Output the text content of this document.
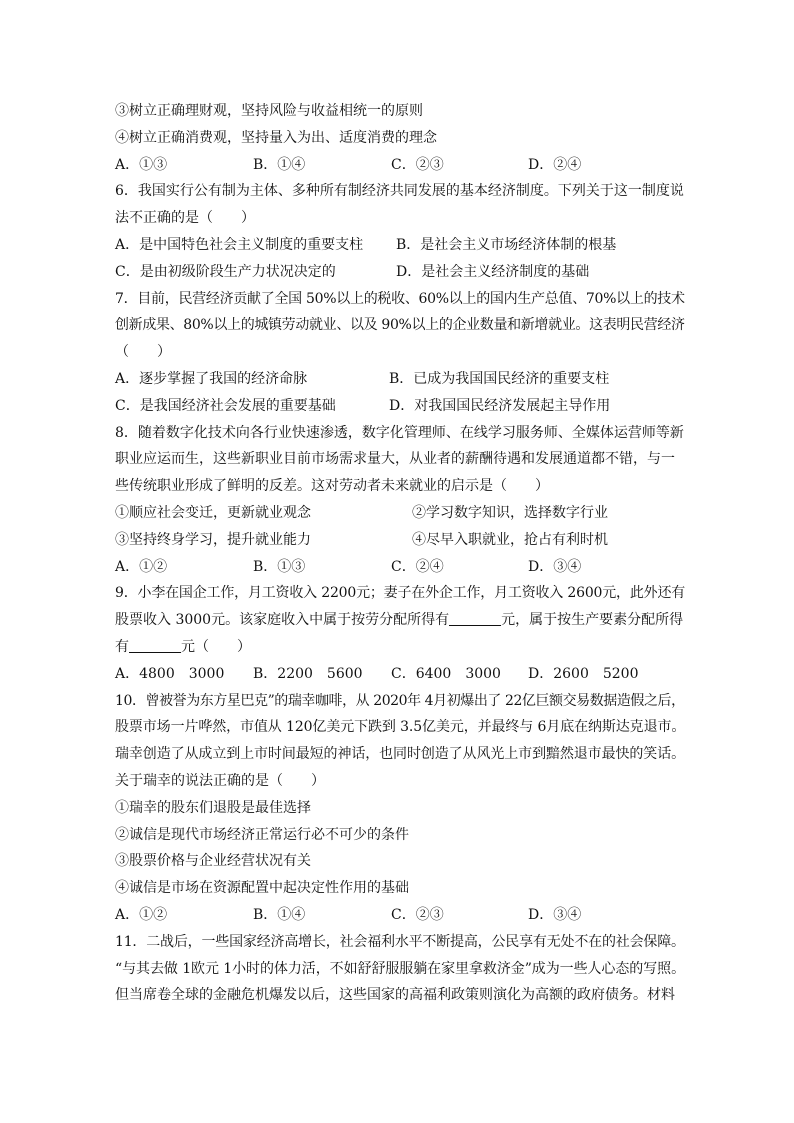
③树立正确理财观，坚持风险与收益相统一的原则
④树立正确消费观，坚持量入为出、适度消费的理念
A．①③	B．①④	C．②③	D．②④
6．我国实行公有制为主体、多种所有制经济共同发展的基本经济制度。下列关于这一制度说
法不正确的是（　　）
A．是中国特色社会主义制度的重要支柱 B．是社会主义市场经济体制的根基
C．是由初级阶段生产力状况决定的	D．是社会主义经济制度的基础
7．目前，民营经济贡献了全国 50%以上的税收、60%以上的国内生产总值、70%以上的技术
创新成果、80%以上的城镇劳动就业、以及 90%以上的企业数量和新增就业。这表明民营经济
（　　）
A．逐步掌握了我国的经济命脉	B．已成为我国国民经济的重要支柱
C．是我国经济社会发展的重要基础	D．对我国国民经济发展起主导作用
8．随着数字化技术向各行业快速渗透，数字化管理师、在线学习服务师、全媒体运营师等新
职业应运而生，这些新职业目前市场需求量大，从业者的薪酬待遇和发展通道都不错，与一
些传统职业形成了鲜明的反差。这对劳动者未来就业的启示是（　　）
①顺应社会变迁，更新就业观念	②学习数字知识，选择数字行业
③坚持终身学习，提升就业能力	④尽早入职就业，抢占有利时机
A．①②	B．①③	C．②④	D．③④
9．小李在国企工作，月工资收入 2200元；妻子在外企工作，月工资收入 2600元，此外还有
股票收入 3000元。该家庭收入中属于按劳分配所得有	元，属于按生产要素分配所得
有	元（　　）
A．4800　3000 B．2200　5600 C．6400　3000 D．2600　5200
10．曾被誉为东方星巴克”的瑞幸咖啡，从 2020年 4月初爆出了 22亿巨额交易数据造假之后，
股票市场一片哗然，市值从 120亿美元下跌到 3.5亿美元，并最终与 6月底在纳斯达克退市。
瑞幸创造了从成立到上市时间最短的神话，也同时创造了从风光上市到黯然退市最快的笑话。
关于瑞幸的说法正确的是（　　）
①瑞幸的股东们退股是最佳选择
②诚信是现代市场经济正常运行必不可少的条件
③股票价格与企业经营状况有关
④诚信是市场在资源配置中起决定性作用的基础
A．①②	B．①④	C．②③	D．③④
11．二战后，一些国家经济高增长，社会福利水平不断提高，公民享有无处不在的社会保障。
“与其去做 1欧元 1小时的体力活，不如舒舒服服躺在家里拿救济金”成为一些人心态的写照。
但当席卷全球的金融危机爆发以后，这些国家的高福利政策则演化为高额的政府债务。材料
